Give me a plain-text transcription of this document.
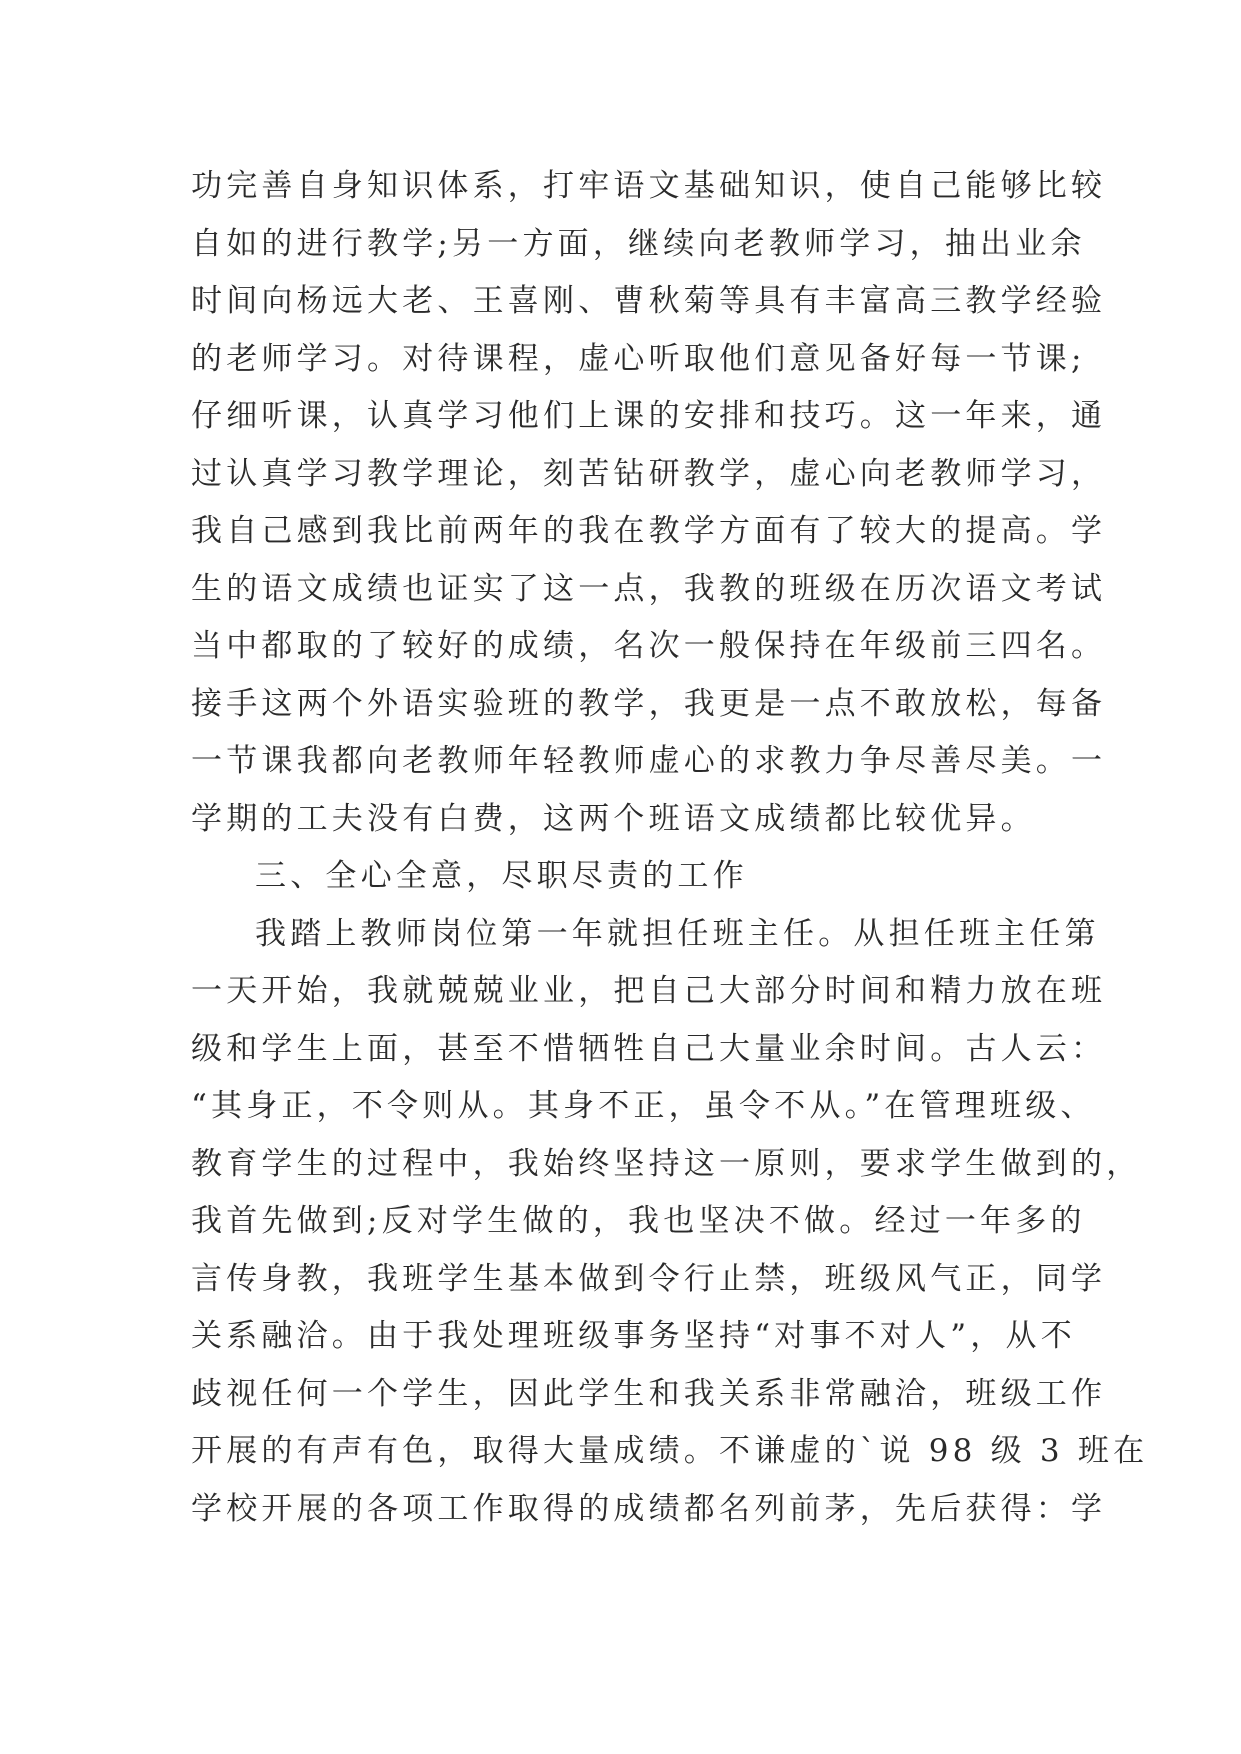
功完善自身知识体系，打牢语文基础知识，使自己能够比较
自如的进行教学;另一方面，继续向老教师学习，抽出业余
时间向杨远大老、王喜刚、曹秋菊等具有丰富高三教学经验
的老师学习。对待课程，虚心听取他们意见备好每一节课;
仔细听课，认真学习他们上课的安排和技巧。这一年来，通
过认真学习教学理论，刻苦钻研教学，虚心向老教师学习，
我自己感到我比前两年的我在教学方面有了较大的提高。学
生的语文成绩也证实了这一点，我教的班级在历次语文考试
当中都取的了较好的成绩，名次一般保持在年级前三四名。
接手这两个外语实验班的教学，我更是一点不敢放松，每备
一节课我都向老教师年轻教师虚心的求教力争尽善尽美。一
学期的工夫没有白费，这两个班语文成绩都比较优异。
三、全心全意，尽职尽责的工作
我踏上教师岗位第一年就担任班主任。从担任班主任第
一天开始，我就兢兢业业，把自己大部分时间和精力放在班
级和学生上面，甚至不惜牺牲自己大量业余时间。古人云：
“其身正，不令则从。其身不正，虽令不从。”在管理班级、
教育学生的过程中，我始终坚持这一原则，要求学生做到的，
我首先做到;反对学生做的，我也坚决不做。经过一年多的
言传身教，我班学生基本做到令行止禁，班级风气正，同学
关系融洽。由于我处理班级事务坚持“对事不对人”，从不
歧视任何一个学生，因此学生和我关系非常融洽，班级工作
开展的有声有色，取得大量成绩。不谦虚的`说 98 级 3 班在
学校开展的各项工作取得的成绩都名列前茅，先后获得：学
